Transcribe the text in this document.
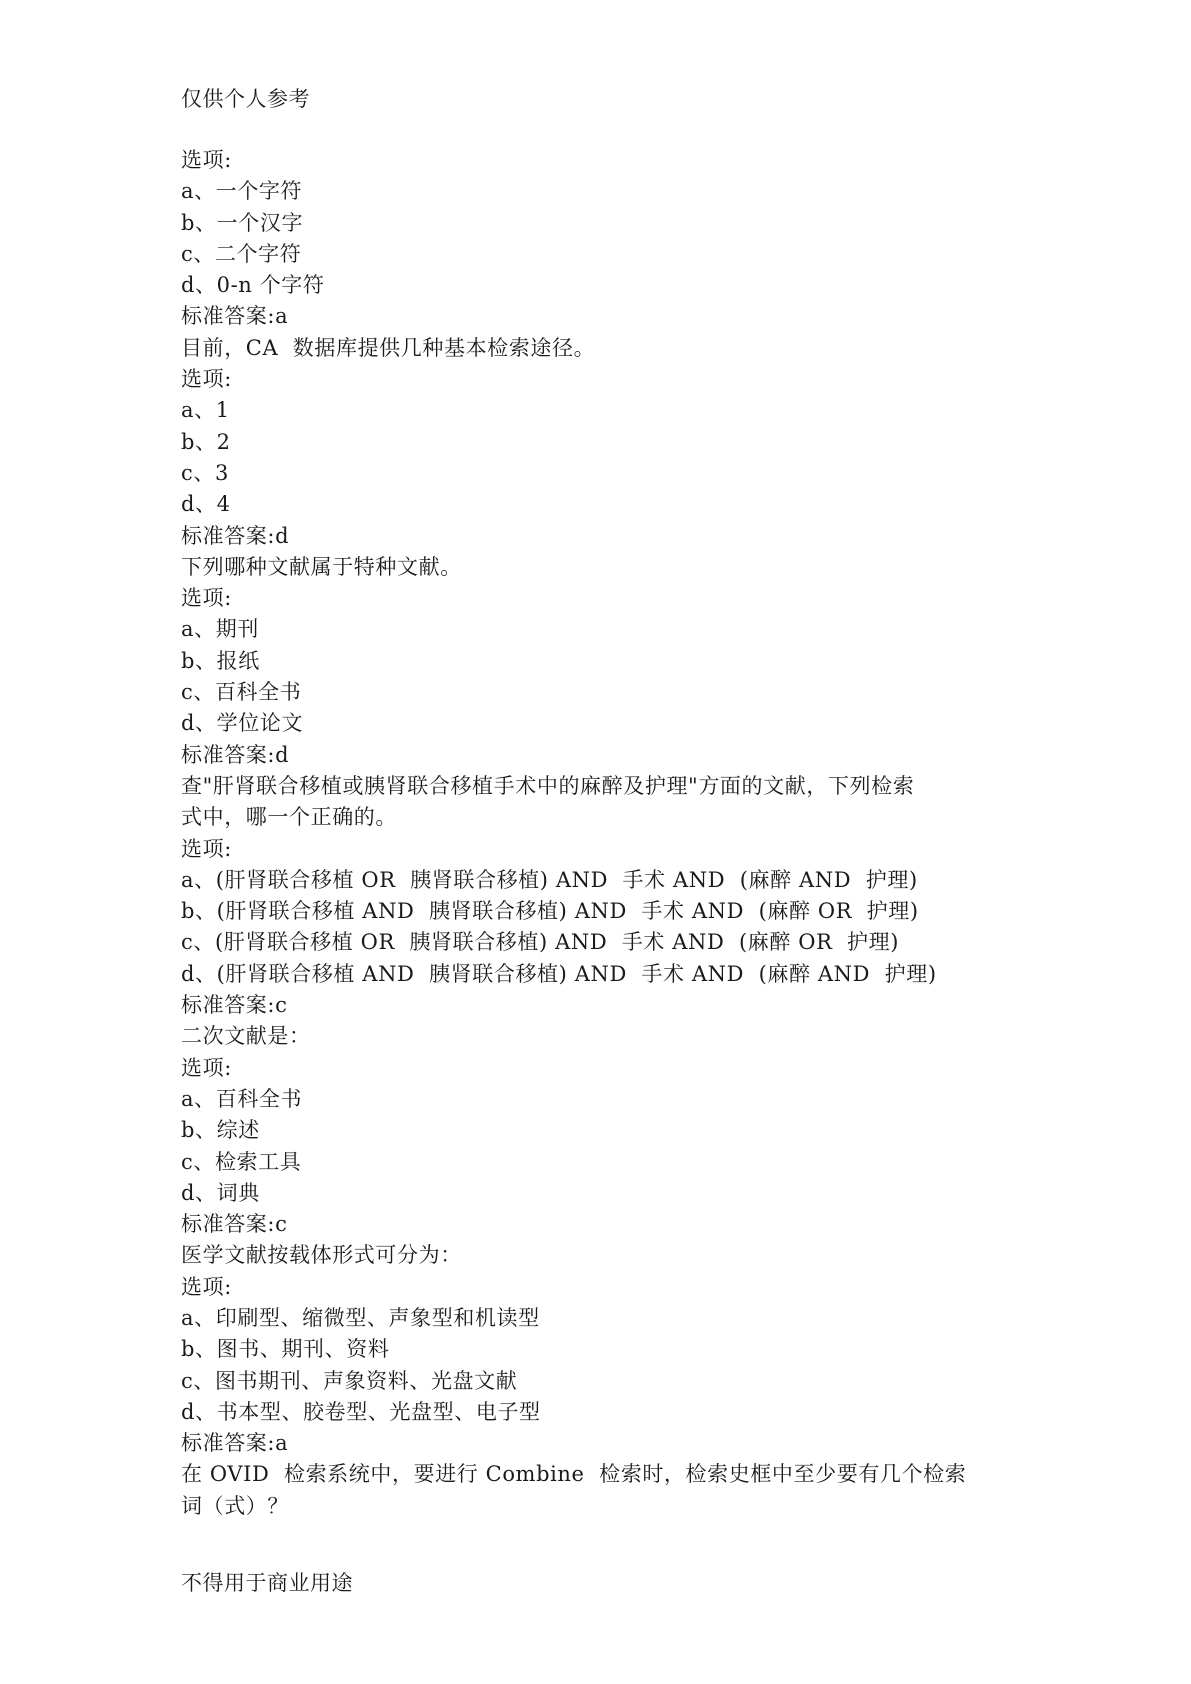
仅供个人参考
选项:
a、一个字符
b、一个汉字
c、二个字符
d、0-n 个字符
标准答案:a
目前，CA  数据库提供几种基本检索途径。
选项:
a、1
b、2
c、3
d、4
标准答案:d
下列哪种文献属于特种文献。
选项:
a、期刊
b、报纸
c、百科全书
d、学位论文
标准答案:d
查"肝肾联合移植或胰肾联合移植手术中的麻醉及护理"方面的文献，下列检索
式中，哪一个正确的。
选项:
a、(肝肾联合移植 OR  胰肾联合移植) AND  手术 AND  (麻醉 AND  护理)
b、(肝肾联合移植 AND  胰肾联合移植) AND  手术 AND  (麻醉 OR  护理)
c、(肝肾联合移植 OR  胰肾联合移植) AND  手术 AND  (麻醉 OR  护理)
d、(肝肾联合移植 AND  胰肾联合移植) AND  手术 AND  (麻醉 AND  护理)
标准答案:c
二次文献是：
选项:
a、百科全书
b、综述
c、检索工具
d、词典
标准答案:c
医学文献按载体形式可分为：
选项:
a、印刷型、缩微型、声象型和机读型
b、图书、期刊、资料
c、图书期刊、声象资料、光盘文献
d、书本型、胶卷型、光盘型、电子型
标准答案:a
在 OVID  检索系统中，要进行 Combine  检索时，检索史框中至少要有几个检索
词（式）？
不得用于商业用途
